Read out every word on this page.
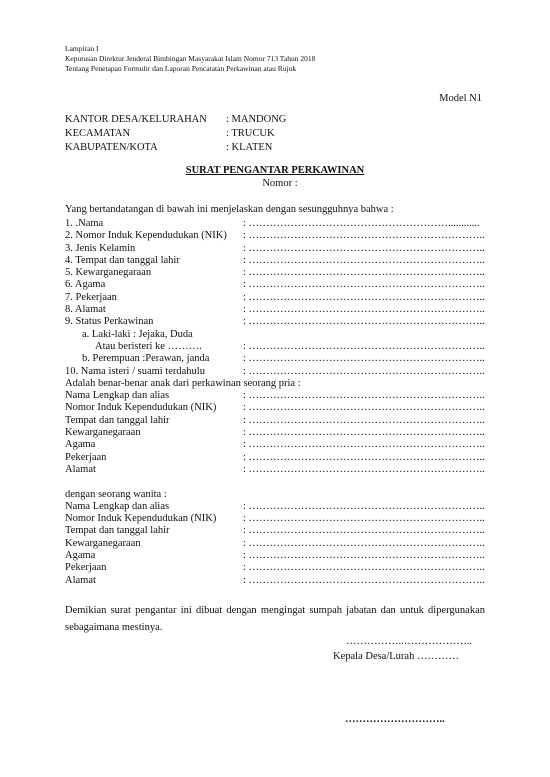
Lampiran I
Keputusan Direktur Jenderal Bimbingan Masyarakat Islam Nomor 713 Tahun 2018
Tentang Penetapan Formulir dan Laporan Pencatatan Perkawinan atau Rujuk
Model N1
KANTOR DESA/KELURAHAN	: MANDONG
KECAMATAN	: TRUCUK
KABUPATEN/KOTA	: KLATEN
SURAT PENGANTAR PERKAWINAN
Nomor :
Yang bertandatangan di bawah ini menjelaskan dengan sesungguhnya bahwa :
1. .Nama	: …………………………………………………............
2. Nomor Induk Kependudukan (NIK)	: …………………………………………………………..
3. Jenis Kelamin	: …………………………………………………………..
4. Tempat dan tanggal lahir	: …………………………………………………………..
5. Kewarganegaraan	: …………………………………………………………..
6. Agama	: …………………………………………………………..
7. Pekerjaan	: …………………………………………………………..
8. Alamat	: …………………………………………………………..
9. Status Perkawinan	: …………………………………………………………..
a. Laki-laki : Jejaka, Duda
Atau beristeri ke ……….	: …………………………………………………………..
b. Perempuan :Perawan, janda	: …………………………………………………………..
10. Nama isteri / suami terdahulu	: …………………………………………………………..
Adalah benar-benar anak dari perkawinan seorang pria :
Nama Lengkap dan alias	: …………………………………………………………..
Nomor Induk Kependudukan (NIK)	: …………………………………………………………..
Tempat dan tanggal lahir	: …………………………………………………………..
Kewarganegaraan	: …………………………………………………………..
Agama	: …………………………………………………………..
Pekerjaan	: …………………………………………………………..
Alamat	: …………………………………………………………..
dengan seorang wanita :
Nama Lengkap dan alias	: …………………………………………………………..
Nomor Induk Kependudukan (NIK)	: …………………………………………………………..
Tempat dan tanggal lahir	: …………………………………………………………..
Kewarganegaraan	: …………………………………………………………..
Agama	: …………………………………………………………..
Pekerjaan	: …………………………………………………………..
Alamat	: …………………………………………………………..
Demikian surat pengantar ini dibuat dengan mengingat sumpah jabatan dan untuk dipergunakan sebagaimana mestinya.
……………..………………..
Kepala Desa/Lurah …………
………………………..
